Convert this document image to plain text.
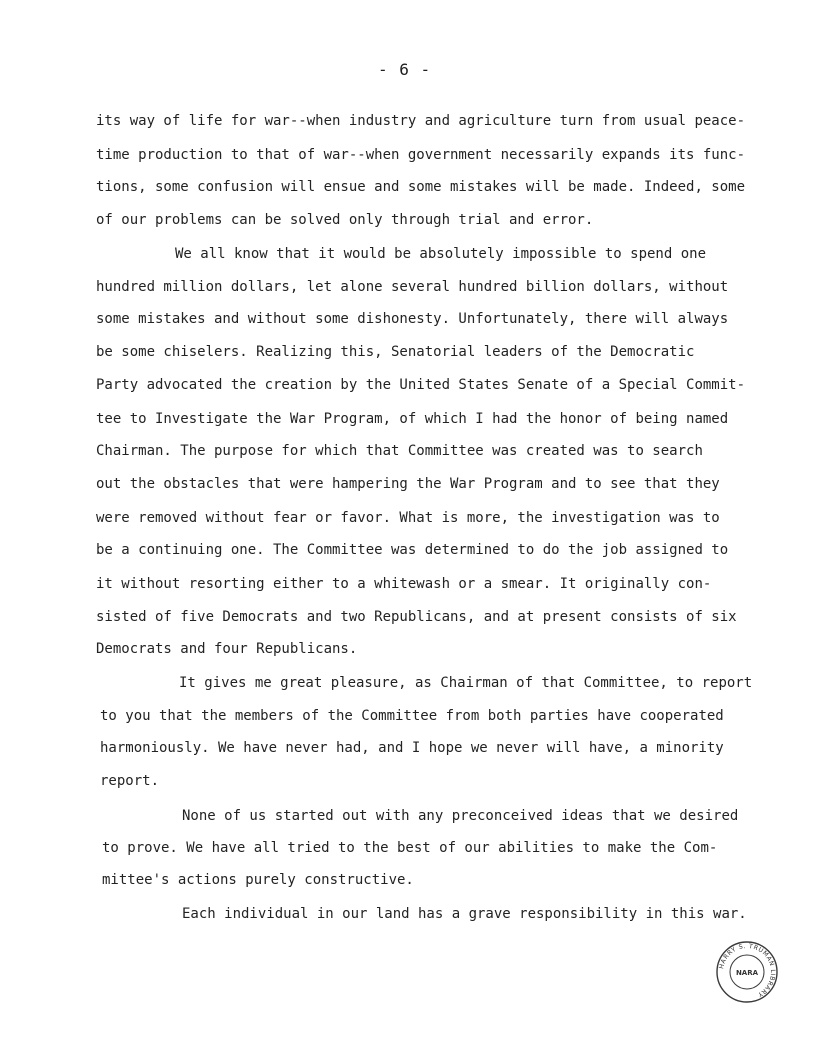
- 6 -
its way of life for war--when industry and agriculture turn from usual peace-
time production to that of war--when government necessarily expands its func-
tions, some confusion will ensue and some mistakes will be made. Indeed, some
of our problems can be solved only through trial and error.
We all know that it would be absolutely impossible to spend one
hundred million dollars, let alone several hundred billion dollars, without
some mistakes and without some dishonesty. Unfortunately, there will always
be some chiselers. Realizing this, Senatorial leaders of the Democratic
Party advocated the creation by the United States Senate of a Special Commit-
tee to Investigate the War Program, of which I had the honor of being named
Chairman. The purpose for which that Committee was created was to search
out the obstacles that were hampering the War Program and to see that they
were removed without fear or favor. What is more, the investigation was to
be a continuing one. The Committee was determined to do the job assigned to
it without resorting either to a whitewash or a smear. It originally con-
sisted of five Democrats and two Republicans, and at present consists of six
Democrats and four Republicans.
It gives me great pleasure, as Chairman of that Committee, to report
to you that the members of the Committee from both parties have cooperated
harmoniously. We have never had, and I hope we never will have, a minority
report.
None of us started out with any preconceived ideas that we desired
to prove. We have all tried to the best of our abilities to make the Com-
mittee's actions purely constructive.
Each individual in our land has a grave responsibility in this war.
HARRY S. TRUMAN LIBRARY
NARA
